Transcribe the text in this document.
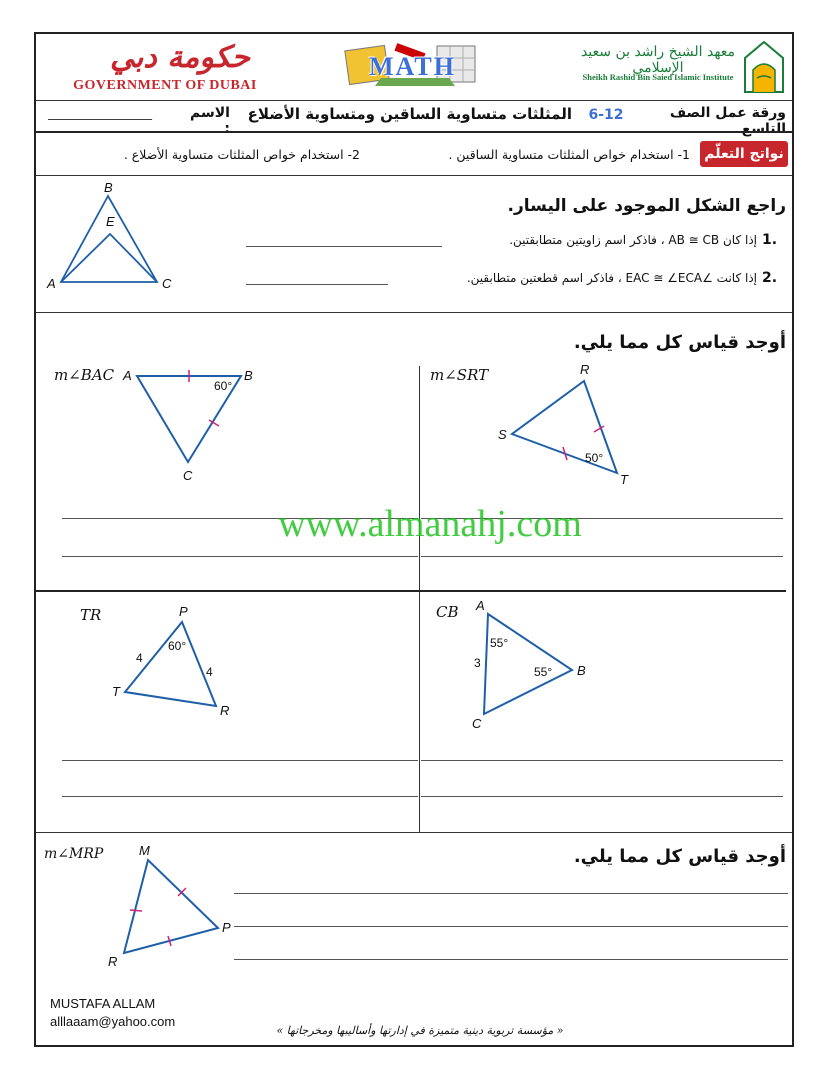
حكومة دبي
GOVERNMENT OF DUBAI
MATH	معهد الشيخ راشد بن سعيد الإسلامي
Sheikh Rashid Bin Saied Islamic Institute
ورقة عمل الصف التاسع
6-12
المثلثات متساوية الساقين ومتساوية الأضلاع
الاسم :
________________
نواتج التعلّم
1- استخدام خواص المثلثات متساوية الساقين .
2- استخدام خواص المثلثات متساوية الأضلاع .
راجع الشكل الموجود على اليسار.
1.
إذا كان AB ≅ CB ، فاذكر اسم زاويتين متطابقتين.
2.
إذا كانت ∠EAC ≅ ∠ECA ، فاذكر اسم قطعتين متطابقين.
B
E
A	C
أوجد قياس كل مما يلي.
m∠BAC A	B
C
60°
m∠SRT	R
S
T
50°
www.almanahj.com
TR	P
T
R
60°
4
4
CB A
B
C
55°
55°
3
أوجد قياس كل مما يلي.
m∠MRP	M
R
P
MUSTAFA ALLAM
alllaaam@yahoo.com
« مؤسسة تربوية دينية متميزة في إدارتها وأساليبها ومخرجاتها »
